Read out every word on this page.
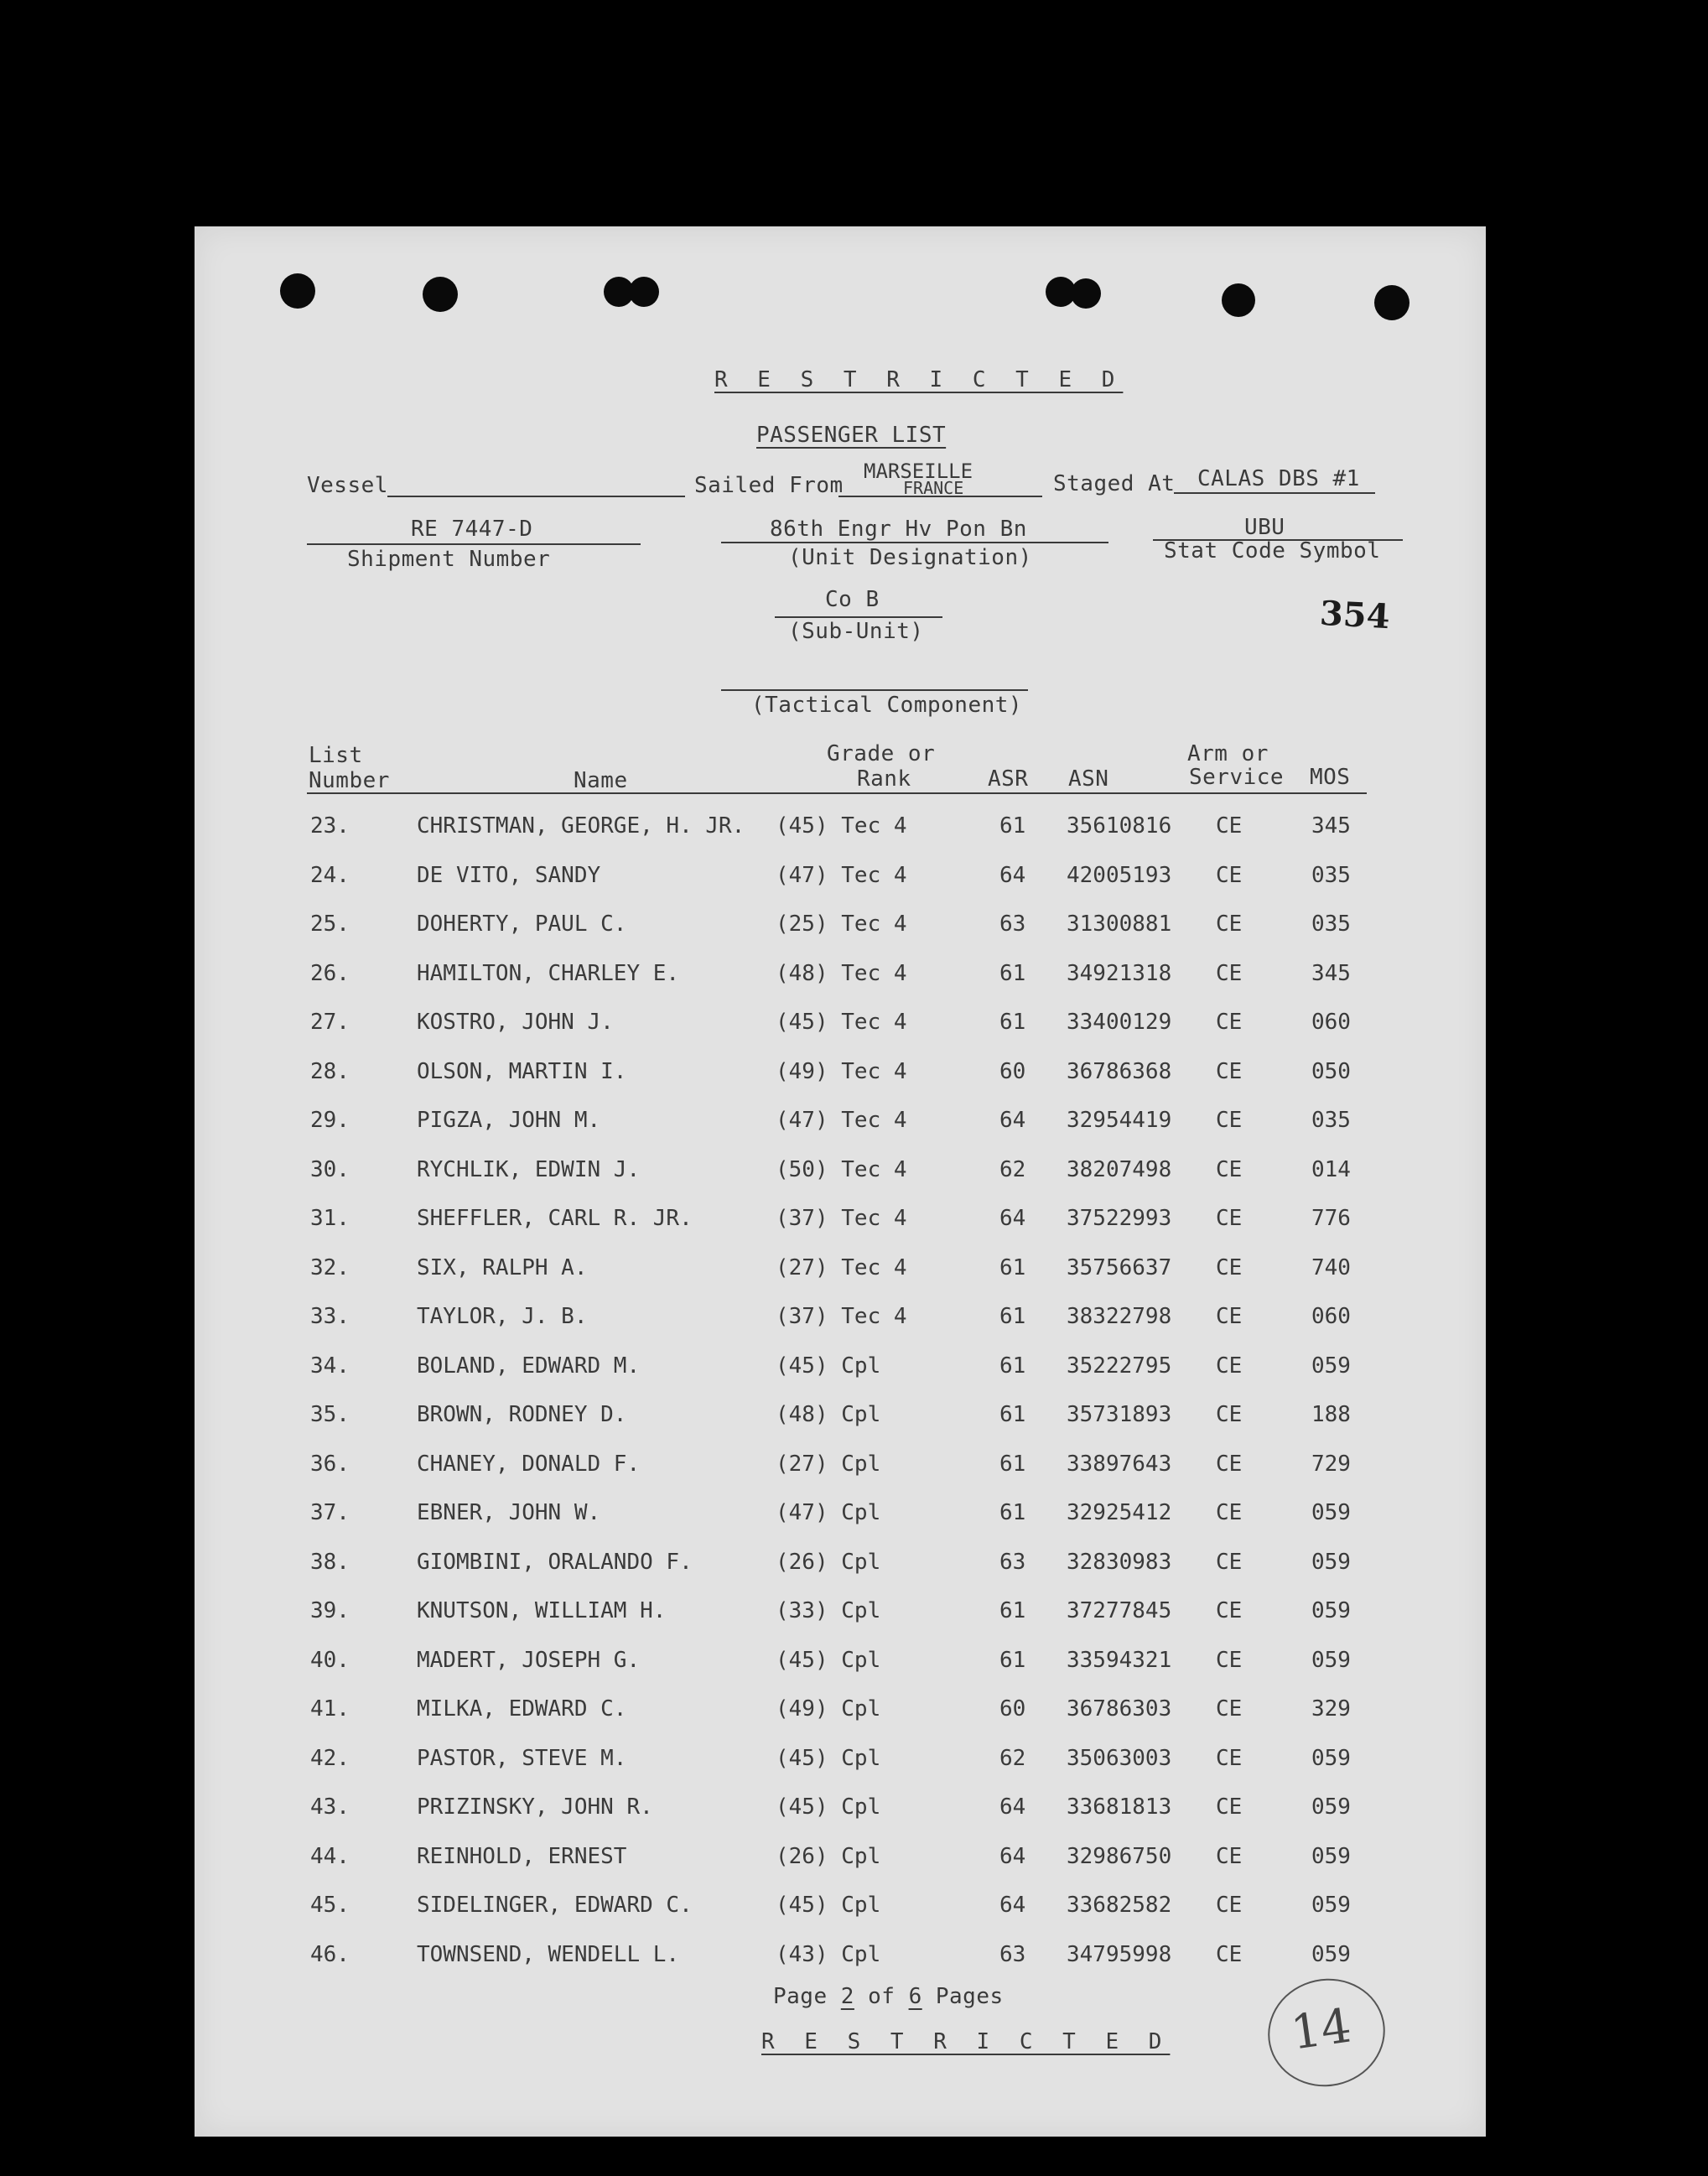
R E S T R I C T E D
PASSENGER LIST
Vessel	Sailed From
MARSEILLE
FRANCE	Staged At CALAS DBS #1
RE 7447-D
Shipment Number
86th Engr Hv Pon Bn
(Unit Designation)
UBU
Stat Code Symbol
Co B
(Sub-Unit)	354
(Tactical Component)
List
Number	Name
Grade or
Rank	ASR ASN
Arm or
Service MOS
23.	CHRISTMAN, GEORGE, H. JR. (45) Tec 4	61 35610816 CE	345
24.	DE VITO, SANDY	(47) Tec 4	64 42005193 CE	035
25.	DOHERTY, PAUL C.	(25) Tec 4	63 31300881 CE	035
26.	HAMILTON, CHARLEY E.	(48) Tec 4	61 34921318 CE	345
27.	KOSTRO, JOHN J.	(45) Tec 4	61 33400129 CE	060
28.	OLSON, MARTIN I.	(49) Tec 4	60 36786368 CE	050
29.	PIGZA, JOHN M.	(47) Tec 4	64 32954419 CE	035
30.	RYCHLIK, EDWIN J.	(50) Tec 4	62 38207498 CE	014
31.	SHEFFLER, CARL R. JR.	(37) Tec 4	64 37522993 CE	776
32.	SIX, RALPH A.	(27) Tec 4	61 35756637 CE	740
33.	TAYLOR, J. B.	(37) Tec 4	61 38322798 CE	060
34.	BOLAND, EDWARD M.	(45) Cpl	61 35222795 CE	059
35.	BROWN, RODNEY D.	(48) Cpl	61 35731893 CE	188
36.	CHANEY, DONALD F.	(27) Cpl	61 33897643 CE	729
37.	EBNER, JOHN W.	(47) Cpl	61 32925412 CE	059
38.	GIOMBINI, ORALANDO F.	(26) Cpl	63 32830983 CE	059
39.	KNUTSON, WILLIAM H.	(33) Cpl	61 37277845 CE	059
40.	MADERT, JOSEPH G.	(45) Cpl	61 33594321 CE	059
41.	MILKA, EDWARD C.	(49) Cpl	60 36786303 CE	329
42.	PASTOR, STEVE M.	(45) Cpl	62 35063003 CE	059
43.	PRIZINSKY, JOHN R.	(45) Cpl	64 33681813 CE	059
44.	REINHOLD, ERNEST	(26) Cpl	64 32986750 CE	059
45.	SIDELINGER, EDWARD C.	(45) Cpl	64 33682582 CE	059
46.	TOWNSEND, WENDELL L.	(43) Cpl	63 34795998 CE	059
Page 2 of 6 Pages
R E S T R I C T E D	14
